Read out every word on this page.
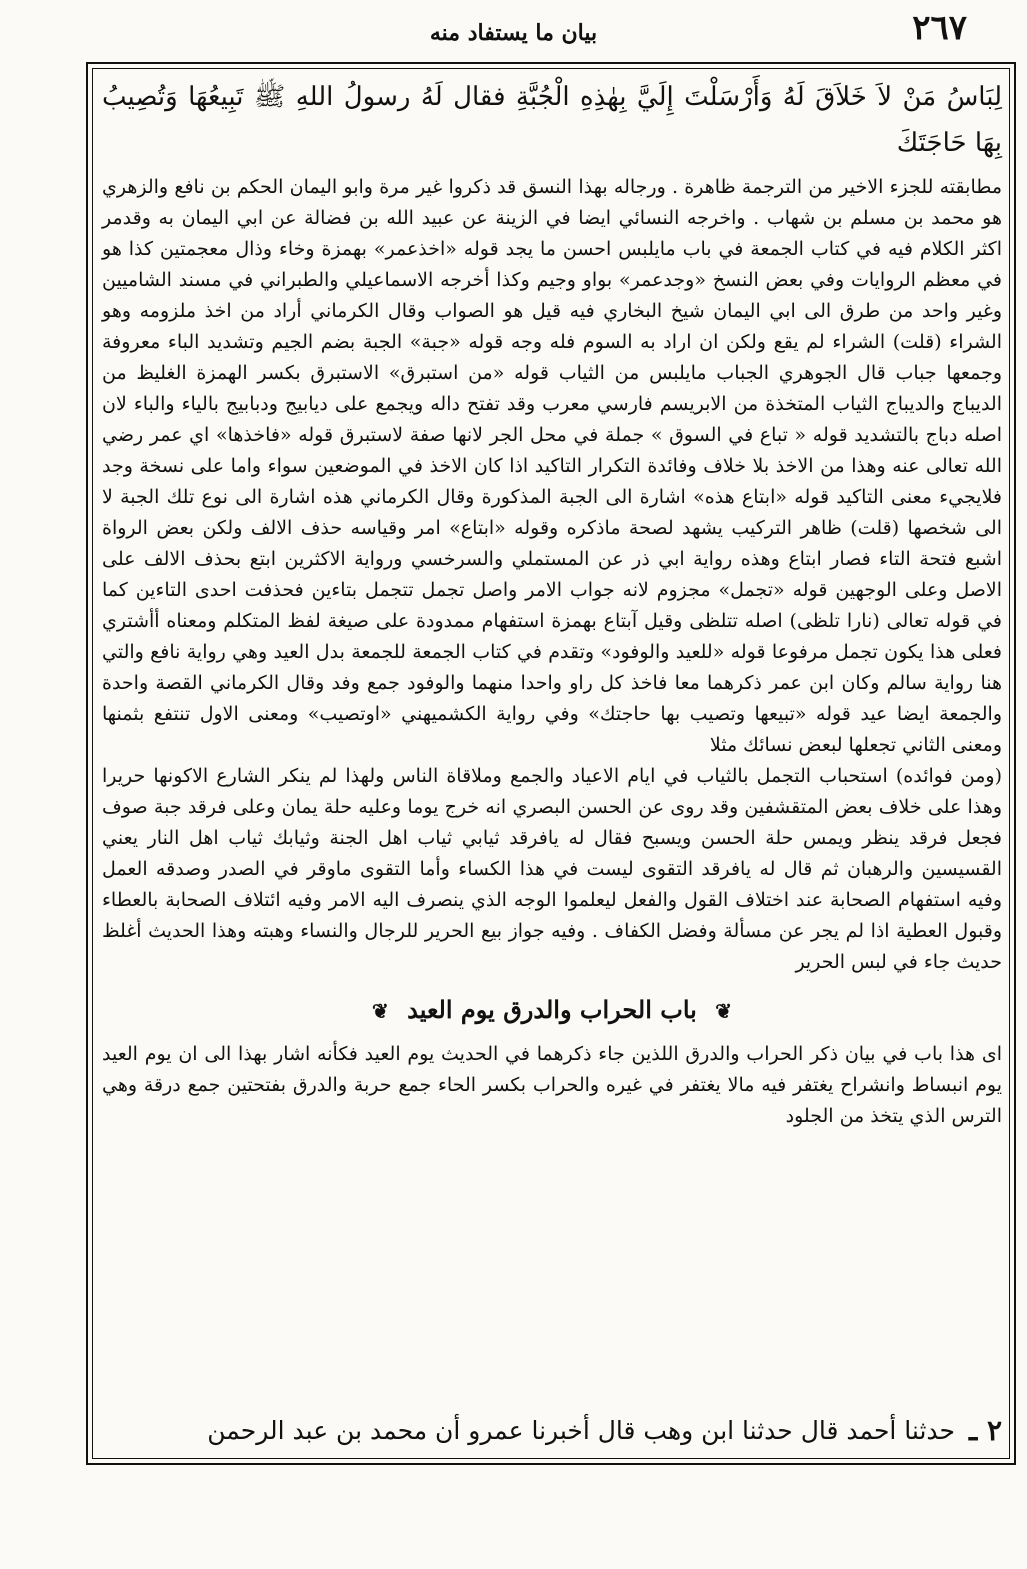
٢٦٧
بيان ما يستفاد منه
لِبَاسُ مَنْ لاَ خَلاَقَ لَهُ وَأَرْسَلْتَ إِلَيَّ بِهٰذِهِ الْجُبَّةِ فقال لَهُ رسولُ اللهِ ﷺ تَبِيعُهَا وَتُصِيبُ بِهَا حَاجَتَكَ

مطابقته للجزء الاخير من الترجمة ظاهرة . ورجاله بهذا النسق قد ذكروا غير مرة وابو اليمان الحكم بن نافع والزهري هو محمد بن مسلم بن شهاب . واخرجه النسائي ايضا في الزينة عن عبيد الله بن فضالة عن ابي اليمان به وقدمر اكثر الكلام فيه في كتاب الجمعة في باب مايلبس احسن ما يجد قوله «اخذعمر» بهمزة وخاء وذال معجمتين كذا هو في معظم الروايات وفي بعض النسخ «وجدعمر» بواو وجيم وكذا أخرجه الاسماعيلي والطبراني في مسند الشاميين وغير واحد من طرق الى ابي اليمان شيخ البخاري فيه قيل هو الصواب وقال الكرماني أراد من اخذ ملزومه وهو الشراء (قلت) الشراء لم يقع ولكن ان اراد به السوم فله وجه قوله «جبة» الجبة بضم الجيم وتشديد الباء معروفة وجمعها جباب قال الجوهري الجباب مايلبس من الثياب قوله «من استبرق» الاستبرق بكسر الهمزة الغليظ من الديباج والديباج الثياب المتخذة من الابريسم فارسي معرب وقد تفتح داله ويجمع على ديابيج ودبابيج بالياء والباء لان اصله دباج بالتشديد قوله « تباع في السوق » جملة في محل الجر لانها صفة لاستبرق قوله «فاخذها» اي عمر رضي الله تعالى عنه وهذا من الاخذ بلا خلاف وفائدة التكرار التاكيد اذا كان الاخذ في الموضعين سواء واما على نسخة وجد فلايجيء معنى التاكيد قوله «ابتاع هذه» اشارة الى الجبة المذكورة وقال الكرماني هذه اشارة الى نوع تلك الجبة لا الى شخصها (قلت) ظاهر التركيب يشهد لصحة ماذكره وقوله «ابتاع» امر وقياسه حذف الالف ولكن بعض الرواة اشبع فتحة التاء فصار ابتاع وهذه رواية ابي ذر عن المستملي والسرخسي ورواية الاكثرين ابتع بحذف الالف على الاصل وعلى الوجهين قوله «تجمل» مجزوم لانه جواب الامر واصل تجمل تتجمل بتاءين فحذفت احدى التاءين كما في قوله تعالى (نارا تلظى) اصله تتلظى وقيل آبتاع بهمزة استفهام ممدودة على صيغة لفظ المتكلم ومعناه أأشتري فعلى هذا يكون تجمل مرفوعا قوله «للعيد والوفود» وتقدم في كتاب الجمعة للجمعة بدل العيد وهي رواية نافع والتي هنا رواية سالم وكان ابن عمر ذكرهما معا فاخذ كل راو واحدا منهما والوفود جمع وفد وقال الكرماني القصة واحدة والجمعة ايضا عيد قوله «تبيعها وتصيب بها حاجتك» وفي رواية الكشميهني «اوتصيب» ومعنى الاول تنتفع بثمنها ومعنى الثاني تجعلها لبعض نسائك مثلا

(ومن فوائده) استحباب التجمل بالثياب في ايام الاعياد والجمع وملاقاة الناس ولهذا لم ينكر الشارع الاكونها حريرا وهذا على خلاف بعض المتقشفين وقد روى عن الحسن البصري انه خرج يوما وعليه حلة يمان وعلى فرقد جبة صوف فجعل فرقد ينظر ويمس حلة الحسن ويسبح فقال له يافرقد ثيابي ثياب اهل الجنة وثيابك ثياب اهل النار يعني القسيسين والرهبان ثم قال له يافرقد التقوى ليست في هذا الكساء وأما التقوى ماوقر في الصدر وصدقه العمل وفيه استفهام الصحابة عند اختلاف القول والفعل ليعلموا الوجه الذي ينصرف اليه الامر وفيه ائتلاف الصحابة بالعطاء وقبول العطية اذا لم يجر عن مسألة وفضل الكفاف . وفيه جواز بيع الحرير للرجال والنساء وهبته وهذا الحديث أغلظ حديث جاء في لبس الحرير

❦ باب الحراب والدرق يوم العيد ❦
اى هذا باب في بيان ذكر الحراب والدرق اللذين جاء ذكرهما في الحديث يوم العيد فكأنه اشار بهذا الى ان يوم العيد يوم انبساط وانشراح يغتفر فيه مالا يغتفر في غيره والحراب بكسر الحاء جمع حربة والدرق بفتحتين جمع درقة وهي الترس الذي يتخذ من الجلود
٢ ـ
حدثنا أحمد قال حدثنا ابن وهب قال أخبرنا عمرو أن محمد بن عبد الرحمن
